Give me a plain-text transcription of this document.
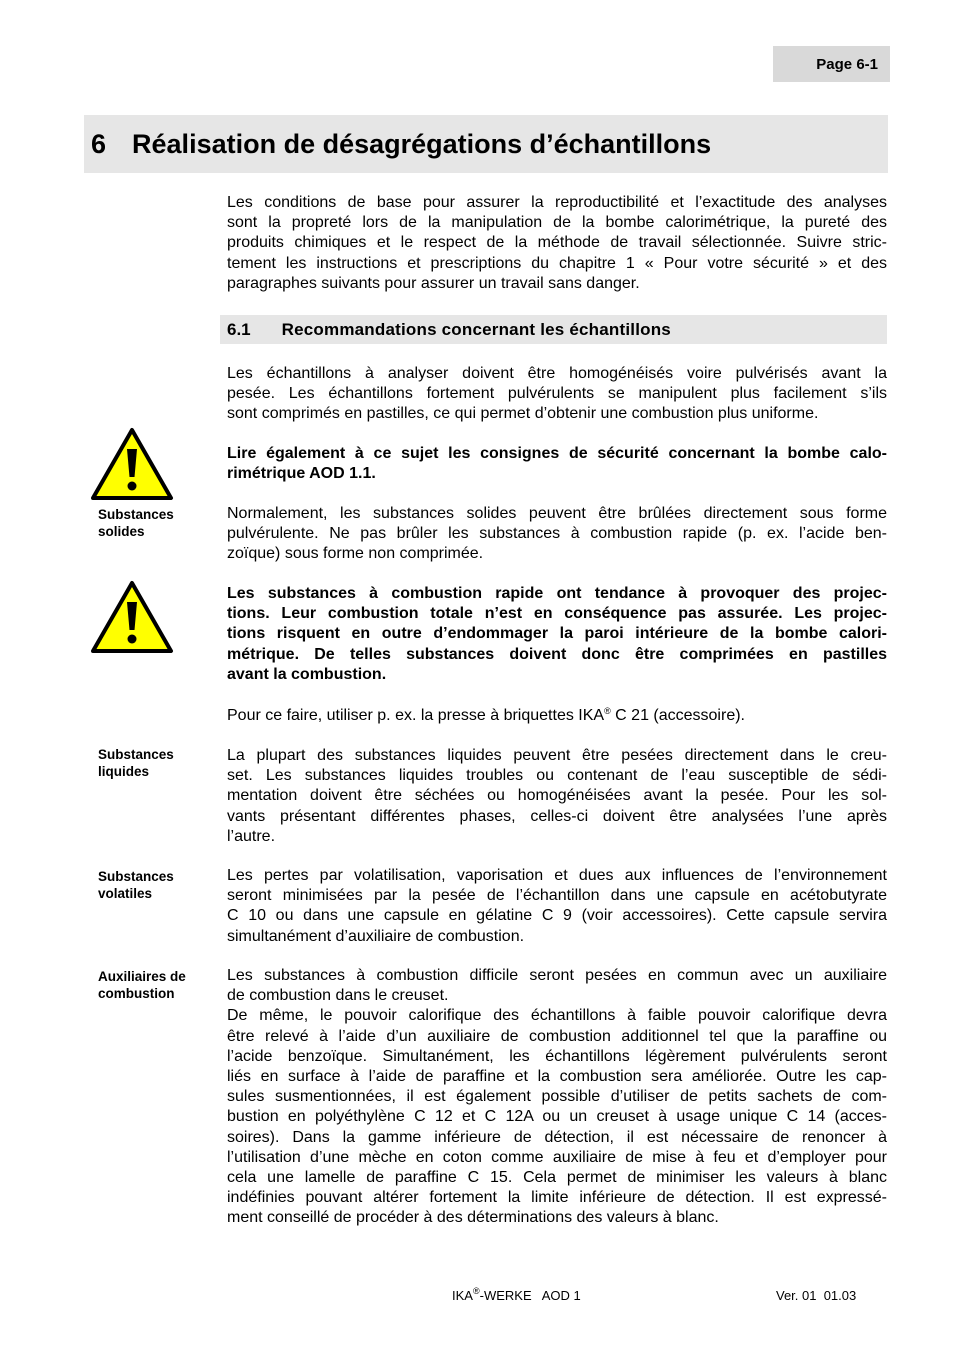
Page 6-1
6 Réalisation de désagrégations d’échantillons

Les conditions de base pour assurer la reproductibilité et l’exactitude des analyses
sont la propreté lors de la manipulation de la bombe calorimétrique, la pureté des
produits chimiques et le respect de la méthode de travail sélectionnée. Suivre stric-
tement les instructions et prescriptions du chapitre 1 « Pour votre sécurité » et des
paragraphes suivants pour assurer un travail sans danger.

6.1 Recommandations concernant les échantillons

Les échantillons à analyser doivent être homogénéisés voire pulvérisés avant la
pesée. Les échantillons fortement pulvérulents se manipulent plus facilement s’ils
sont comprimés en pastilles, ce qui permet d’obtenir une combustion plus uniforme.

Lire également à ce sujet les consignes de sécurité concernant la bombe calo-
rimétrique AOD 1.1.

Substances
solides

Normalement, les substances solides peuvent être brûlées directement sous forme
pulvérulente. Ne pas brûler les substances à combustion rapide (p. ex. l’acide ben-
zoïque) sous forme non comprimée.

Les substances à combustion rapide ont tendance à provoquer des projec-
tions. Leur combustion totale n’est en conséquence pas assurée. Les projec-
tions risquent en outre d’endommager la paroi intérieure de la bombe calori-
métrique. De telles substances doivent donc être comprimées en pastilles
avant la combustion.

Pour ce faire, utiliser p. ex. la presse à briquettes IKA® C 21 (accessoire).

Substances
liquides

La plupart des substances liquides peuvent être pesées directement dans le creu-
set. Les substances liquides troubles ou contenant de l’eau susceptible de sédi-
mentation doivent être séchées ou homogénéisées avant la pesée. Pour les sol-
vants présentant différentes phases, celles-ci doivent être analysées l’une après
l’autre.

Substances
volatiles

Les pertes par volatilisation, vaporisation et dues aux influences de l’environnement
seront minimisées par la pesée de l’échantillon dans une capsule en acétobutyrate
C 10 ou dans une capsule en gélatine C 9 (voir accessoires). Cette capsule servira
simultanément d’auxiliaire de combustion.

Auxiliaires de
combustion

Les substances à combustion difficile seront pesées en commun avec un auxiliaire
de combustion dans le creuset.
De même, le pouvoir calorifique des échantillons à faible pouvoir calorifique devra
être relevé à l’aide d’un auxiliaire de combustion additionnel tel que la paraffine ou
l’acide benzoïque. Simultanément, les échantillons légèrement pulvérulents seront
liés en surface à l’aide de paraffine et la combustion sera améliorée. Outre les cap-
sules susmentionnées, il est également possible d’utiliser de petits sachets de com-
bustion en polyéthylène C 12 et C 12A ou un creuset à usage unique C 14 (acces-
soires). Dans la gamme inférieure de détection, il est nécessaire de renoncer à
l’utilisation d’une mèche en coton comme auxiliaire de mise à feu et d’employer pour
cela une lamelle de paraffine C 15. Cela permet de minimiser les valeurs à blanc
indéfinies pouvant altérer fortement la limite inférieure de détection. Il est expressé-
ment conseillé de procéder à des déterminations des valeurs à blanc.

IKA®-WERKE   AOD 1	Ver. 01  01.03
